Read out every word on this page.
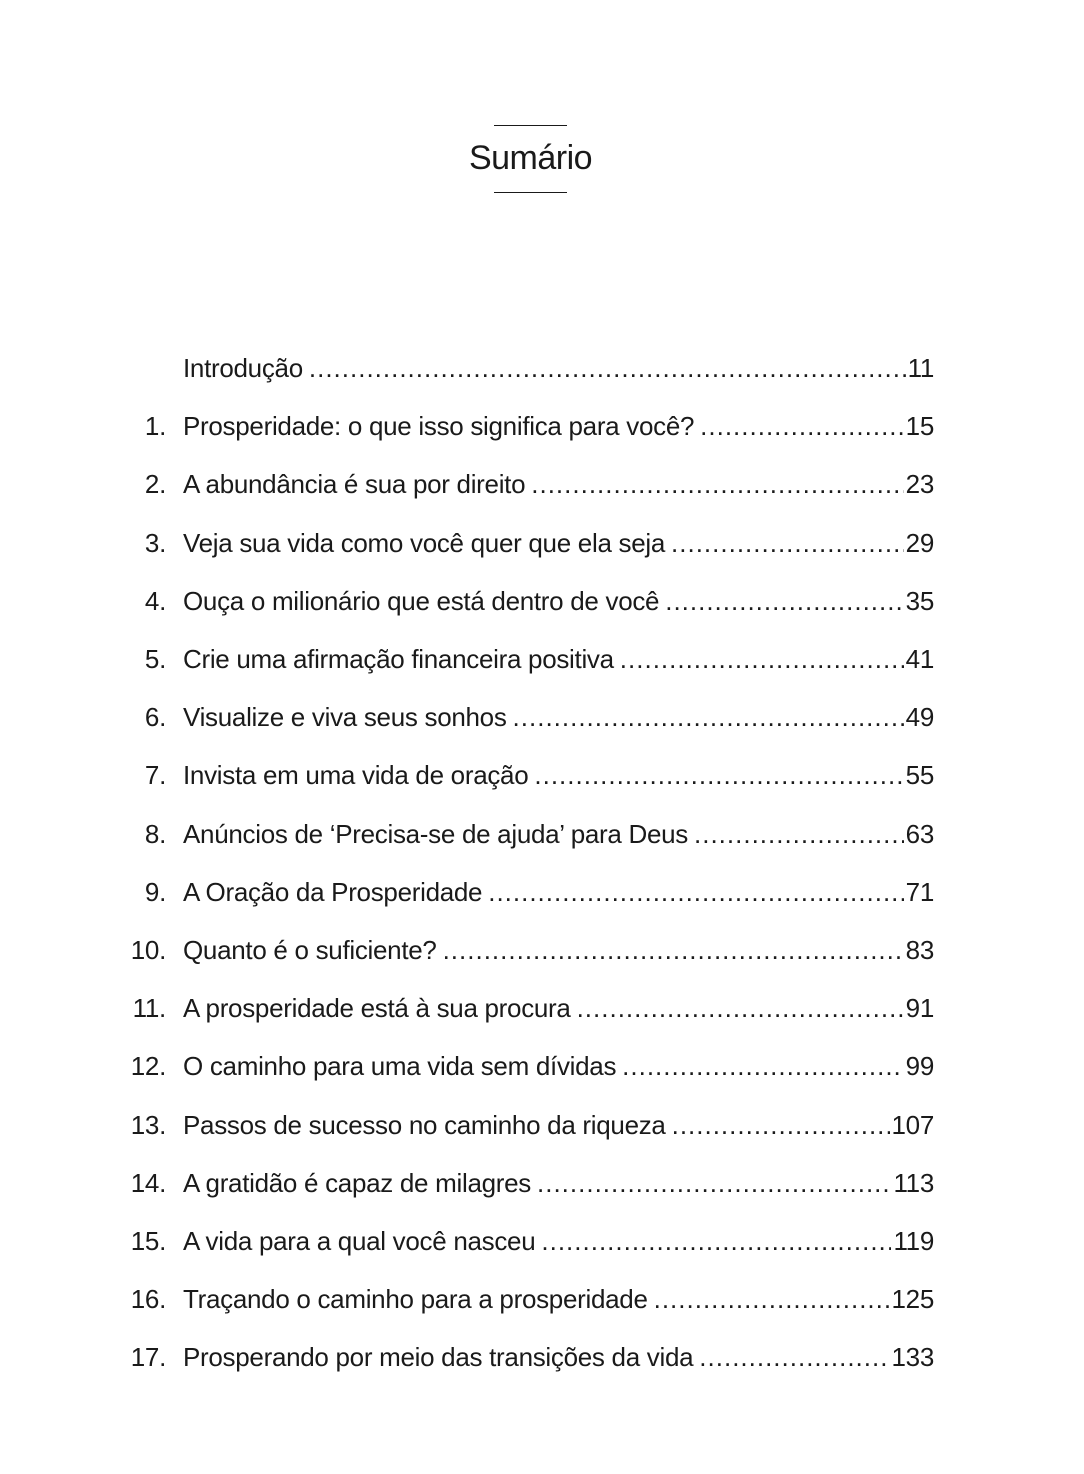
Sumário
Introdução .....	11
1. Prosperidade: o que isso significa para você? .....	15
2. A abundância é sua por direito .....	23
3. Veja sua vida como você quer que ela seja .....	29
4. Ouça o milionário que está dentro de você .....	35
5. Crie uma afirmação financeira positiva .....	41
6. Visualize e viva seus sonhos .....	49
7. Invista em uma vida de oração .....	55
8. Anúncios de ‘Precisa-se de ajuda’ para Deus .....	63
9. A Oração da Prosperidade .....	71
10. Quanto é o suficiente? .....	83
11. A prosperidade está à sua procura .....	91
12. O caminho para uma vida sem dívidas .....	99
13. Passos de sucesso no caminho da riqueza .....	107
14. A gratidão é capaz de milagres .....	113
15. A vida para a qual você nasceu .....	119
16. Traçando o caminho para a prosperidade .....	125
17. Prosperando por meio das transições da vida .....	133
